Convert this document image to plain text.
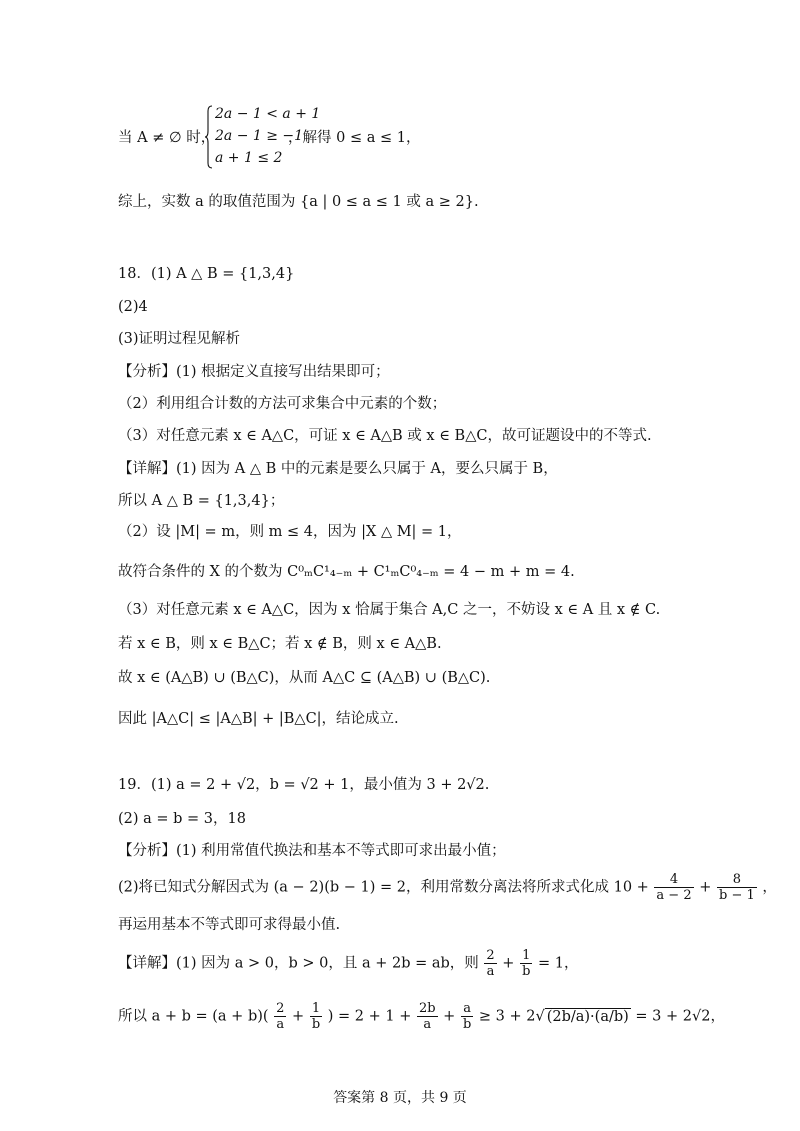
当 A ≠ ∅ 时，
2a − 1 < a + 1
2a − 1 ≥ −1
a + 1 ≤ 2
，解得 0 ≤ a ≤ 1，
综上，实数 a 的取值范围为 {a | 0 ≤ a ≤ 1 或 a ≥ 2}.
18．(1) A △ B = {1,3,4}
(2)4
(3)证明过程见解析
【分析】(1) 根据定义直接写出结果即可；
（2）利用组合计数的方法可求集合中元素的个数；
（3）对任意元素 x ∈ A△C，可证 x ∈ A△B 或 x ∈ B△C，故可证题设中的不等式.
【详解】(1) 因为 A △ B 中的元素是要么只属于 A，要么只属于 B，
所以 A △ B = {1,3,4}；
（2）设 |M| = m，则 m ≤ 4，因为 |X △ M| = 1，
故符合条件的 X 的个数为 C⁰ₘC¹₄₋ₘ + C¹ₘC⁰₄₋ₘ = 4 − m + m = 4.
（3）对任意元素 x ∈ A△C，因为 x 恰属于集合 A,C 之一，不妨设 x ∈ A 且 x ∉ C.
若 x ∈ B，则 x ∈ B△C；若 x ∉ B，则 x ∈ A△B.
故 x ∈ (A△B) ∪ (B△C)，从而 A△C ⊆ (A△B) ∪ (B△C).
因此 |A△C| ≤ |A△B| + |B△C|，结论成立.
19．(1) a = 2 + √2，b = √2 + 1，最小值为 3 + 2√2.
(2) a = b = 3，18
【分析】(1) 利用常值代换法和基本不等式即可求出最小值；
(2)将已知式分解因式为 (a − 2)(b − 1) = 2，利用常数分离法将所求式化成 $10 + \frac{4}{a - 2} + \frac{8}{b - 1}$ ，
再运用基本不等式即可求得最小值.
【详解】(1) 因为 a > 0，b > 0，且 a + 2b = ab，则 $\frac{2}{a} + \frac{1}{b} = 1$，
所以 $a + b = (a + b)( \frac{2}{a} + \frac{1}{b}$ ) = $2 + 1 + \frac{2b}{a} + \frac{a}{b} \ge 3 + 2√$ (2b/a)·(a/b) = 3 + 2√2，
答案第 8 页，共 9 页
